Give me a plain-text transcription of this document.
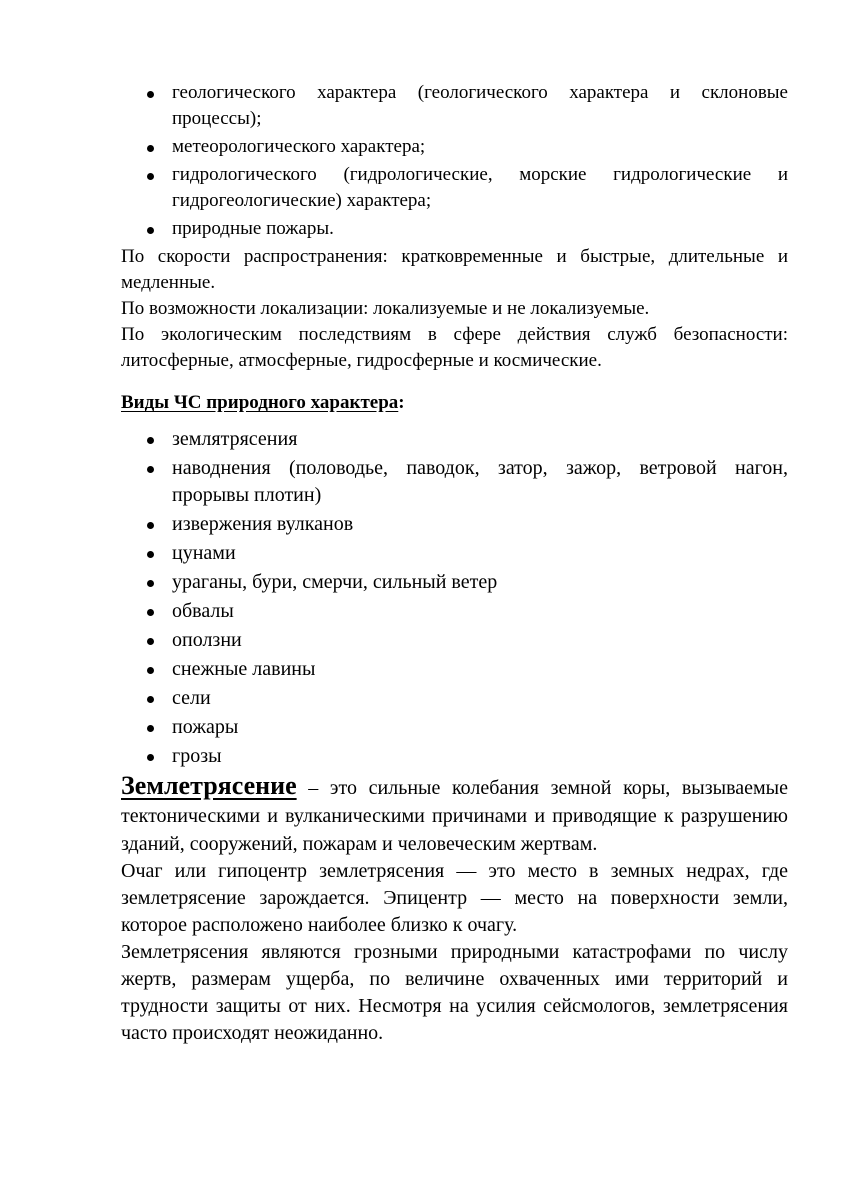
геологического характера (геологического характера и склоновые процессы);
метеорологического характера;
гидрологического (гидрологические, морские гидрологические и гидрогеологические) характера;
природные пожары.

По скорости распространения: кратковременные и быстрые, длительные и медленные.

По возможности локализации: локализуемые и не локализуемые.

По экологическим последствиям в сфере действия служб безопасности: литосферные, атмосферные, гидросферные и космические.

Виды ЧС природного характера:
землятрясения
наводнения (половодье, паводок, затор, зажор, ветровой нагон, прорывы плотин)
извержения вулканов
цунами
ураганы, бури, смерчи, сильный ветер
обвалы
оползни
снежные лавины
сели
пожары
грозы

Землетрясение – это сильные колебания земной коры, вызываемые тектоническими и вулканическими причинами и приводящие к разрушению зданий, сооружений, пожарам и человеческим жертвам.

Очаг или гипоцентр землетрясения — это место в земных недрах, где землетрясение зарождается. Эпицентр — место на поверхности земли, которое расположено наиболее близко к очагу.

Землетрясения являются грозными природными катастрофами по числу жертв, размерам ущерба, по величине охваченных ими территорий и трудности защиты от них. Несмотря на усилия сейсмологов, землетрясения часто происходят неожиданно.
